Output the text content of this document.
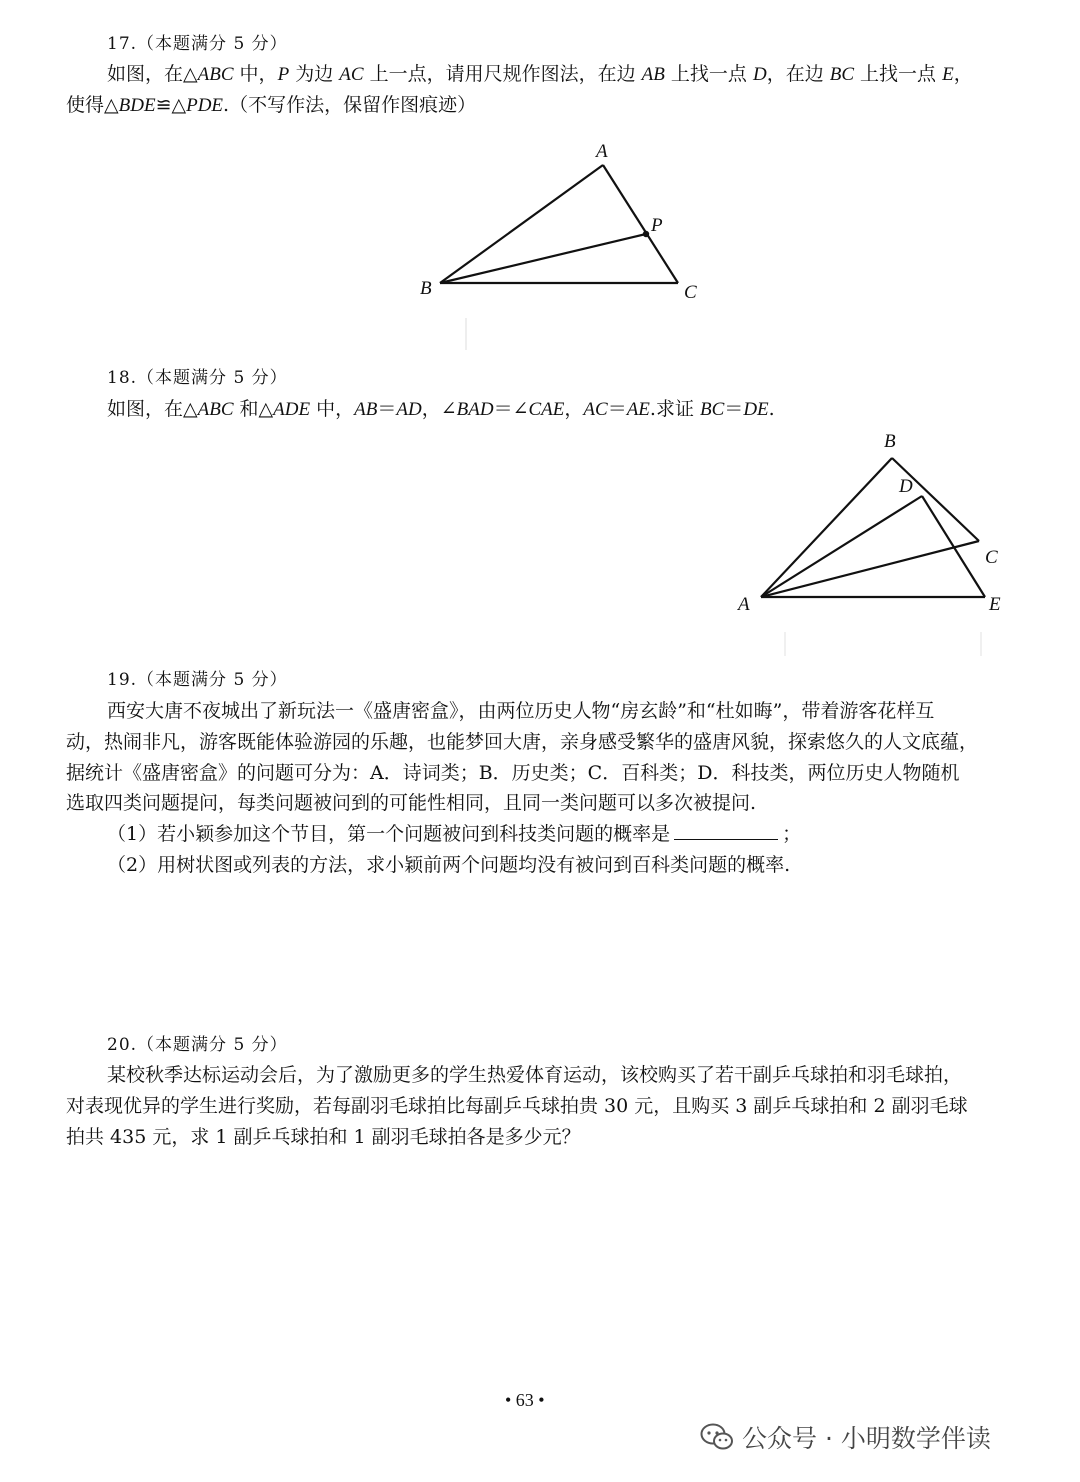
17.（本题满分 5 分）
如图，在△ABC 中，P 为边 AC 上一点，请用尺规作图法，在边 AB 上找一点 D，在边 BC 上找一点 E，
使得△BDE≌△PDE.（不写作法，保留作图痕迹）
A
P
B	C
18.（本题满分 5 分）
如图，在△ABC 和△ADE 中，AB＝AD，∠BAD＝∠CAE，AC＝AE.求证 BC＝DE.
B
D
C
A	E
19.（本题满分 5 分）
西安大唐不夜城出了新玩法一《盛唐密盒》，由两位历史人物“房玄龄”和“杜如晦”，带着游客花样互
动，热闹非凡，游客既能体验游园的乐趣，也能梦回大唐，亲身感受繁华的盛唐风貌，探索悠久的人文底蕴，
据统计《盛唐密盒》的问题可分为：A．诗词类；B．历史类；C．百科类；D．科技类，两位历史人物随机
选取四类问题提问，每类问题被问到的可能性相同，且同一类问题可以多次被提问.
（1）若小颖参加这个节目，第一个问题被问到科技类问题的概率是	；
（2）用树状图或列表的方法，求小颖前两个问题均没有被问到百科类问题的概率.
20.（本题满分 5 分）
某校秋季达标运动会后，为了激励更多的学生热爱体育运动，该校购买了若干副乒乓球拍和羽毛球拍，
对表现优异的学生进行奖励，若每副羽毛球拍比每副乒乓球拍贵 30 元，且购买 3 副乒乓球拍和 2 副羽毛球
拍共 435 元，求 1 副乒乓球拍和 1 副羽毛球拍各是多少元？
• 63 •
公众号 · 小明数学伴读
